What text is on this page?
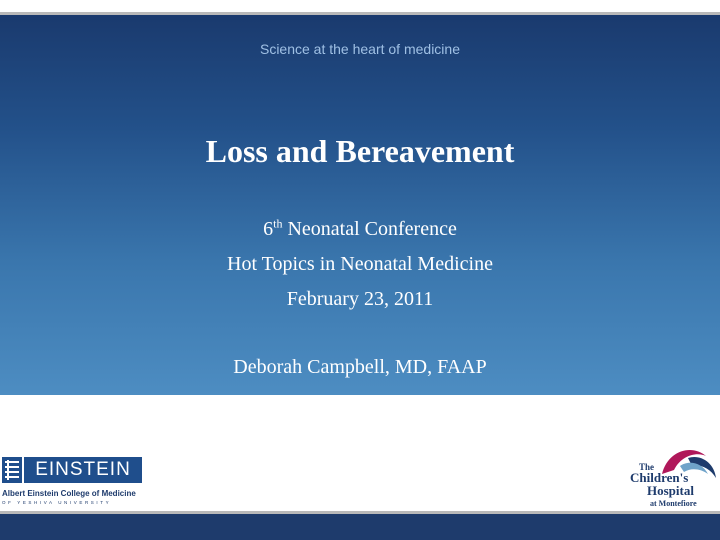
Science at the heart of medicine
Loss and Bereavement
6th Neonatal Conference
Hot Topics in Neonatal Medicine
February 23, 2011
Deborah Campbell, MD, FAAP
EINSTEIN
Albert Einstein College of Medicine
OF YESHIVA UNIVERSITY
The
Children's
Hospital
at Montefiore
